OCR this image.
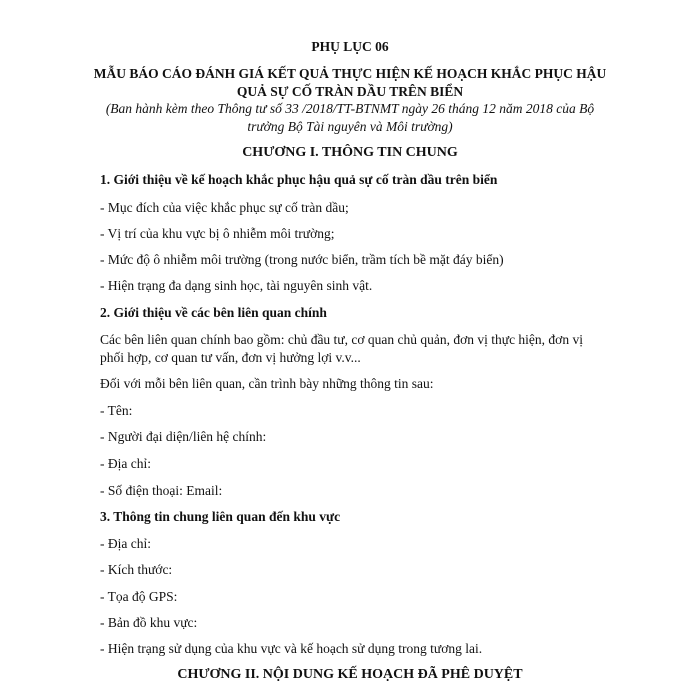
PHỤ LỤC 06
MẪU BÁO CÁO ĐÁNH GIÁ KẾT QUẢ THỰC HIỆN KẾ HOẠCH KHẮC PHỤC HẬU
QUẢ SỰ CỐ TRÀN DẦU TRÊN BIỂN
(Ban hành kèm theo Thông tư số 33 /2018/TT-BTNMT ngày 26 tháng 12 năm 2018 của Bộ
trưởng Bộ Tài nguyên và Môi trường)
CHƯƠNG I. THÔNG TIN CHUNG
1. Giới thiệu về kế hoạch khắc phục hậu quả sự cố tràn dầu trên biển
- Mục đích của việc khắc phục sự cố tràn dầu;
- Vị trí của khu vực bị ô nhiễm môi trường;
- Mức độ ô nhiễm môi trường (trong nước biển, trầm tích bề mặt đáy biển)
- Hiện trạng đa dạng sinh học, tài nguyên sinh vật.
2. Giới thiệu về các bên liên quan chính
Các bên liên quan chính bao gồm: chủ đầu tư, cơ quan chủ quản, đơn vị thực hiện, đơn vị
phối hợp, cơ quan tư vấn, đơn vị hưởng lợi v.v...
Đối với mỗi bên liên quan, cần trình bày những thông tin sau:
- Tên:
- Người đại diện/liên hệ chính:
- Địa chỉ:
- Số điện thoại: Email:
3. Thông tin chung liên quan đến khu vực
- Địa chỉ:
- Kích thước:
- Tọa độ GPS:
- Bản đồ khu vực:
- Hiện trạng sử dụng của khu vực và kế hoạch sử dụng trong tương lai.
CHƯƠNG II. NỘI DUNG KẾ HOẠCH ĐÃ PHÊ DUYỆT
